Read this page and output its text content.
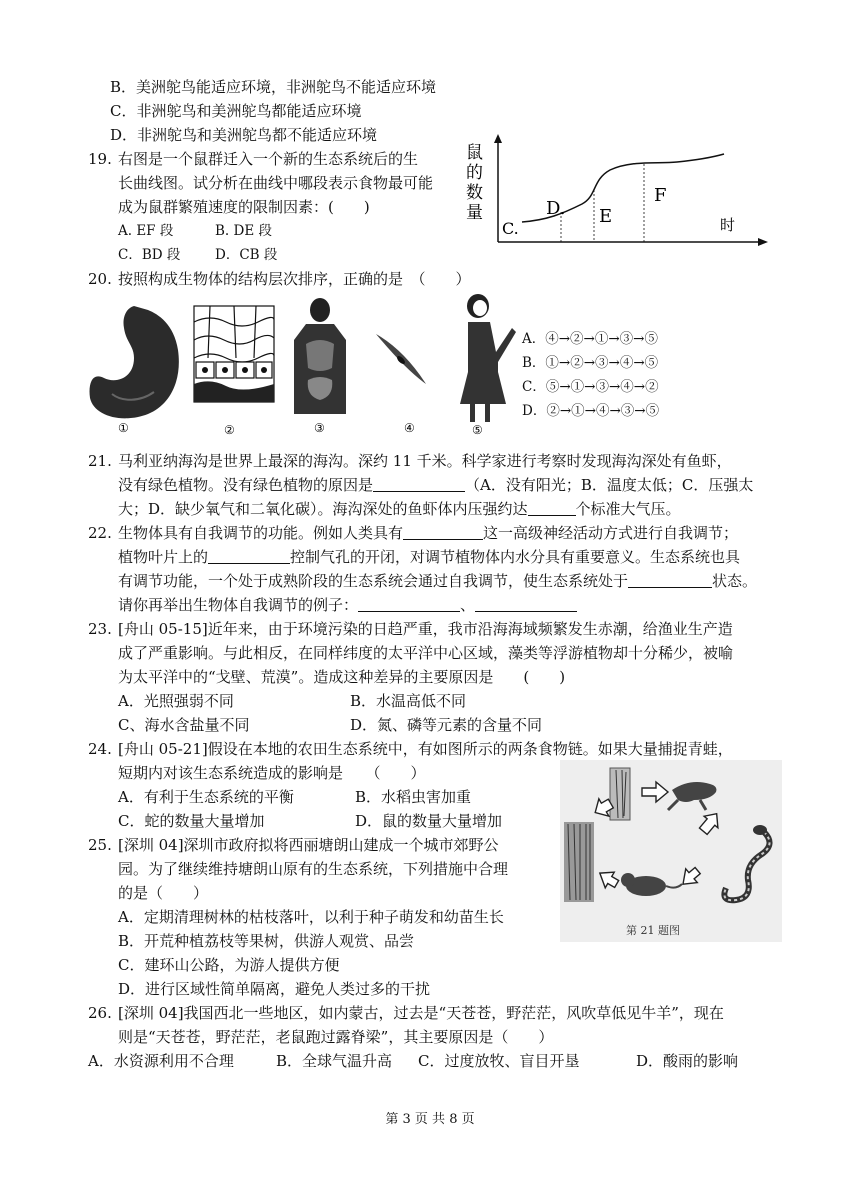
B．美洲鸵鸟能适应环境，非洲鸵鸟不能适应环境
C．非洲鸵鸟和美洲鸵鸟都能适应环境
D．非洲鸵鸟和美洲鸵鸟都不能适应环境
19. 右图是一个鼠群迁入一个新的生态系统后的生
长曲线图。试分析在曲线中哪段表示食物最可能
成为鼠群繁殖速度的限制因素：(　　)
A. EF 段	B. DE 段
C．BD 段	D．CB 段
鼠
的
数
量
C.
D. E
F
时
20. 按照构成生物体的结构层次排序，正确的是　（　　）
①	②	③	④	⑤
A．④→②→①→③→⑤
B．①→②→③→④→⑤
C．⑤→①→③→④→②
D．②→①→④→③→⑤
21. 马利亚纳海沟是世界上最深的海沟。深约 11 千米。科学家进行考察时发现海沟深处有鱼虾，
没有绿色植物。没有绿色植物的原因是	（A．没有阳光；B．温度太低；C．压强太
大；D．缺少氧气和二氧化碳）。海沟深处的鱼虾体内压强约达	个标准大气压。
22. 生物体具有自我调节的功能。例如人类具有	这一高级神经活动方式进行自我调节；
植物叶片上的	控制气孔的开闭，对调节植物体内水分具有重要意义。生态系统也具
有调节功能，一个处于成熟阶段的生态系统会通过自我调节，使生态系统处于	状态。
请你再举出生物体自我调节的例子：	、
23. [舟山 05-15]近年来，由于环境污染的日趋严重，我市沿海海域频繁发生赤潮，给渔业生产造
成了严重影响。与此相反，在同样纬度的太平洋中心区域，藻类等浮游植物却十分稀少，被喻
为太平洋中的“戈壁、荒漠”。造成这种差异的主要原因是　　(　　)
A．光照强弱不同	B．水温高低不同
C、海水含盐量不同	D．氮、磷等元素的含量不同
24. [舟山 05-21]假设在本地的农田生态系统中，有如图所示的两条食物链。如果大量捕捉青蛙，
短期内对该生态系统造成的影响是　　（　　）
A．有利于生态系统的平衡	B．水稻虫害加重
C．蛇的数量大量增加	D．鼠的数量大量增加
第 21 题图
25. [深圳 04]深圳市政府拟将西丽塘朗山建成一个城市郊野公
园。为了继续维持塘朗山原有的生态系统，下列措施中合理
的是（　　）
A．定期清理树林的枯枝落叶，以利于种子萌发和幼苗生长
B．开荒种植荔枝等果树，供游人观赏、品尝
C．建环山公路，为游人提供方便
D．进行区域性简单隔离，避免人类过多的干扰
26. [深圳 04]我国西北一些地区，如内蒙古，过去是“天苍苍，野茫茫，风吹草低见牛羊”，现在
则是“天苍苍，野茫茫，老鼠跑过露脊梁”，其主要原因是（　　）
A．水资源利用不合理	B．全球气温升高 C．过度放牧、盲目开垦	D．酸雨的影响
第 3 页 共 8 页
